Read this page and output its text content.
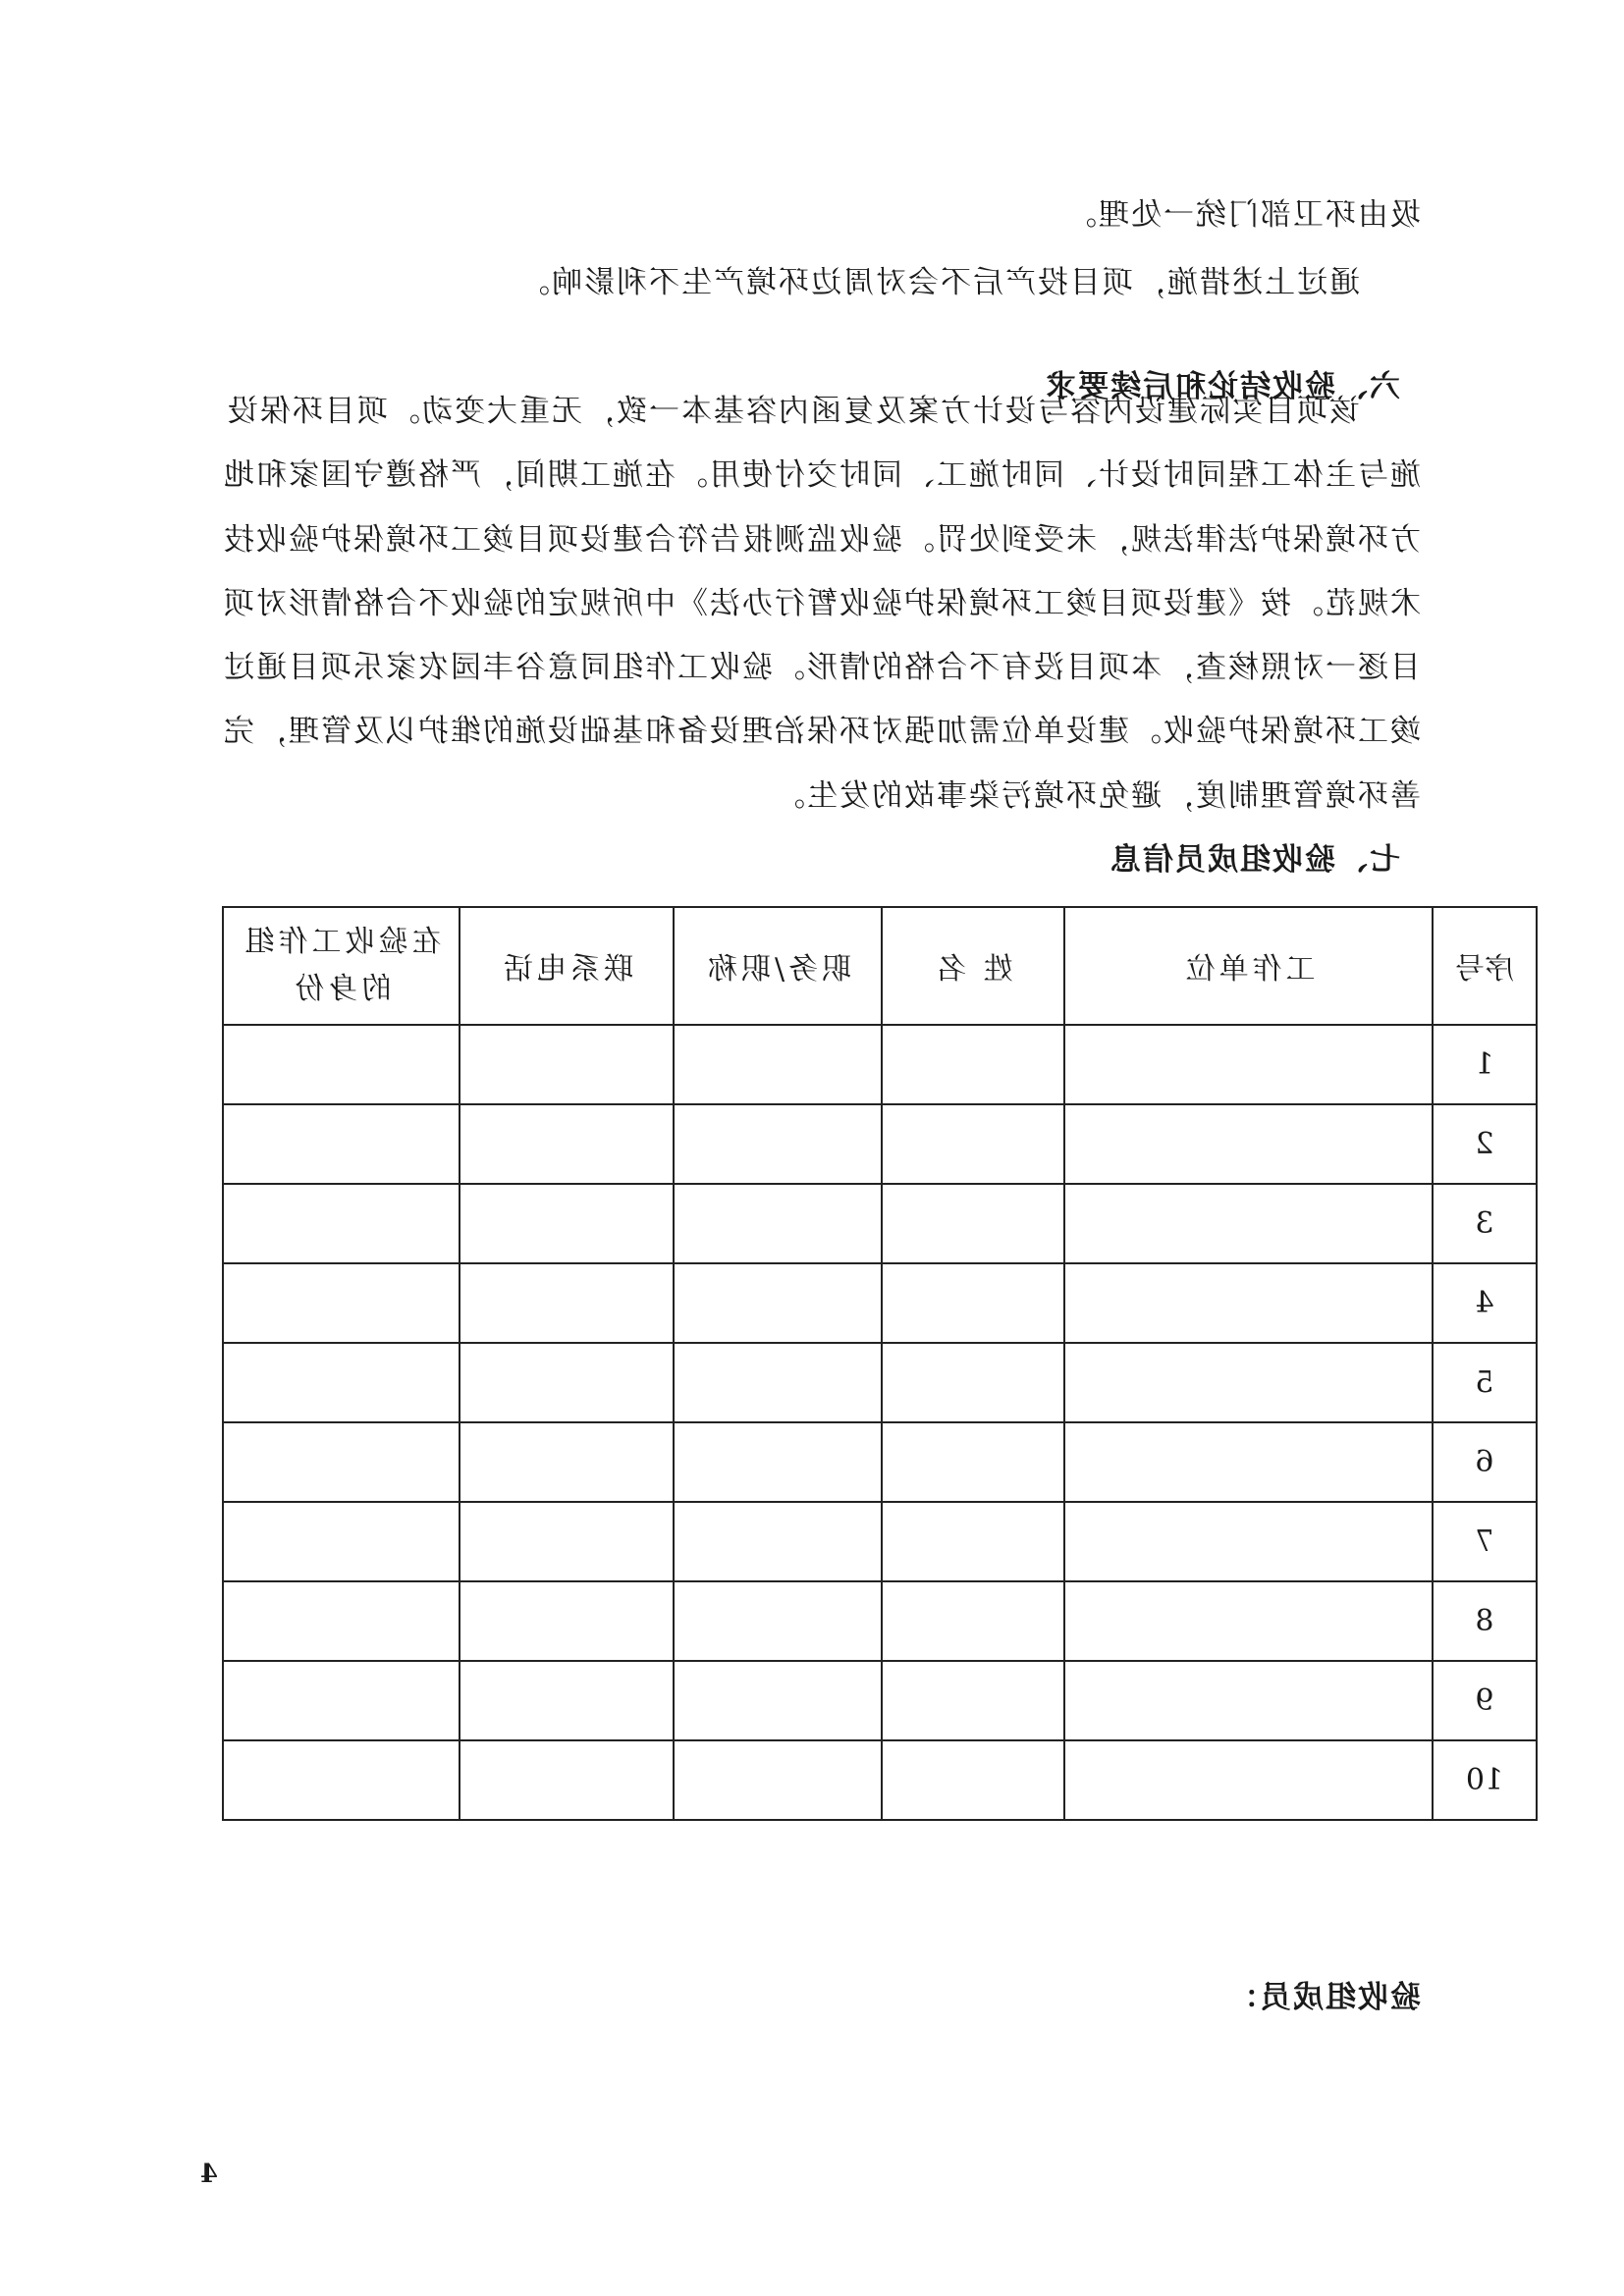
圾由环卫部门统一处理。
通过上述措施，项目投产后不会对周边环境产生不利影响。
六、验收结论和后续要求
该项目实际建设内容与设计方案及复函内容基本一致，无重大变动。项目环保设
施与主体工程同时设计、同时施工、同时交付使用。在施工期间，严格遵守国家和地
方环境保护法律法规，未受到处罚。验收监测报告符合建设项目竣工环境保护验收技
术规范。按《建设项目竣工环境保护验收暂行办法》中所规定的验收不合格情形对项
目逐一对照核查，本项目没有不合格的情形。验收工作组同意谷丰园农家乐项目通过
竣工环境保护验收。建设单位需加强对环保治理设备和基础设施的维护以及管理，完
善环境管理制度，避免环境污染事故的发生。
七、验收组成员信息
序号	工作单位	姓 名	职务/职称	联系电话	在验收工作组的身份
1					
2					
3					
4					
5					
6					
7					
8					
9					
10					
验收组成员：
4
